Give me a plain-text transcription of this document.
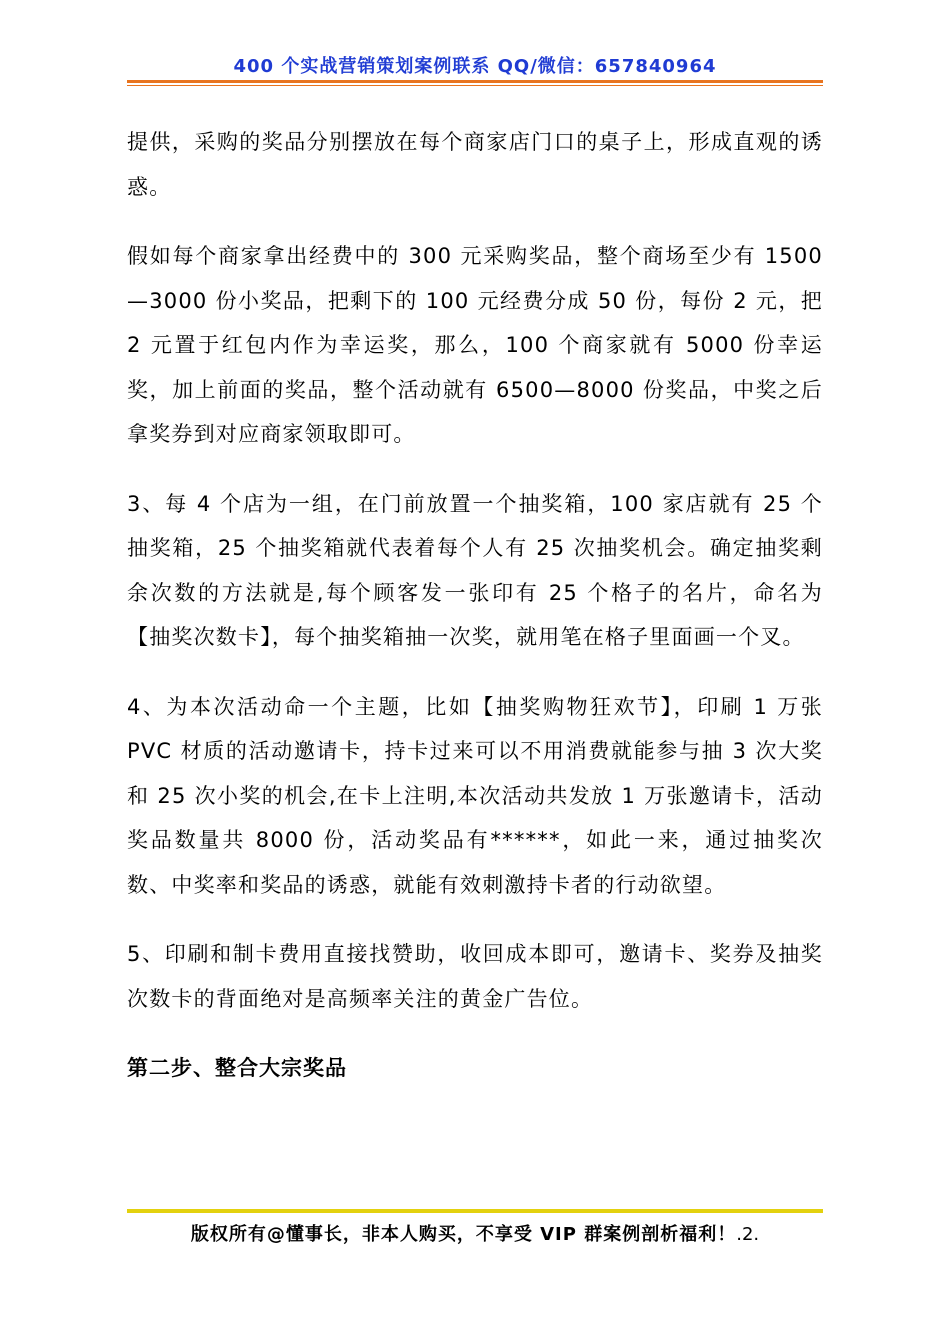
400 个实战营销策划案例联系 QQ/微信：657840964

提供，采购的奖品分别摆放在每个商家店门口的桌子上，形成直观的诱惑。

假如每个商家拿出经费中的 300 元采购奖品，整个商场至少有 1500—3000 份小奖品，把剩下的 100 元经费分成 50 份，每份 2 元，把 2 元置于红包内作为幸运奖，那么，100 个商家就有 5000 份幸运奖，加上前面的奖品，整个活动就有 6500—8000 份奖品，中奖之后拿奖券到对应商家领取即可。

3、每 4 个店为一组，在门前放置一个抽奖箱，100 家店就有 25 个抽奖箱，25 个抽奖箱就代表着每个人有 25 次抽奖机会。确定抽奖剩余次数的方法就是,每个顾客发一张印有 25 个格子的名片，命名为【抽奖次数卡】，每个抽奖箱抽一次奖，就用笔在格子里面画一个叉。

4、为本次活动命一个主题，比如【抽奖购物狂欢节】，印刷 1 万张 PVC 材质的活动邀请卡，持卡过来可以不用消费就能参与抽 3 次大奖和 25 次小奖的机会,在卡上注明,本次活动共发放 1 万张邀请卡，活动奖品数量共 8000 份，活动奖品有******，如此一来，通过抽奖次数、中奖率和奖品的诱惑，就能有效刺激持卡者的行动欲望。

5、印刷和制卡费用直接找赞助，收回成本即可，邀请卡、奖券及抽奖次数卡的背面绝对是高频率关注的黄金广告位。

第二步、整合大宗奖品

版权所有@懂事长，非本人购买，不享受 VIP 群案例剖析福利！.2.
